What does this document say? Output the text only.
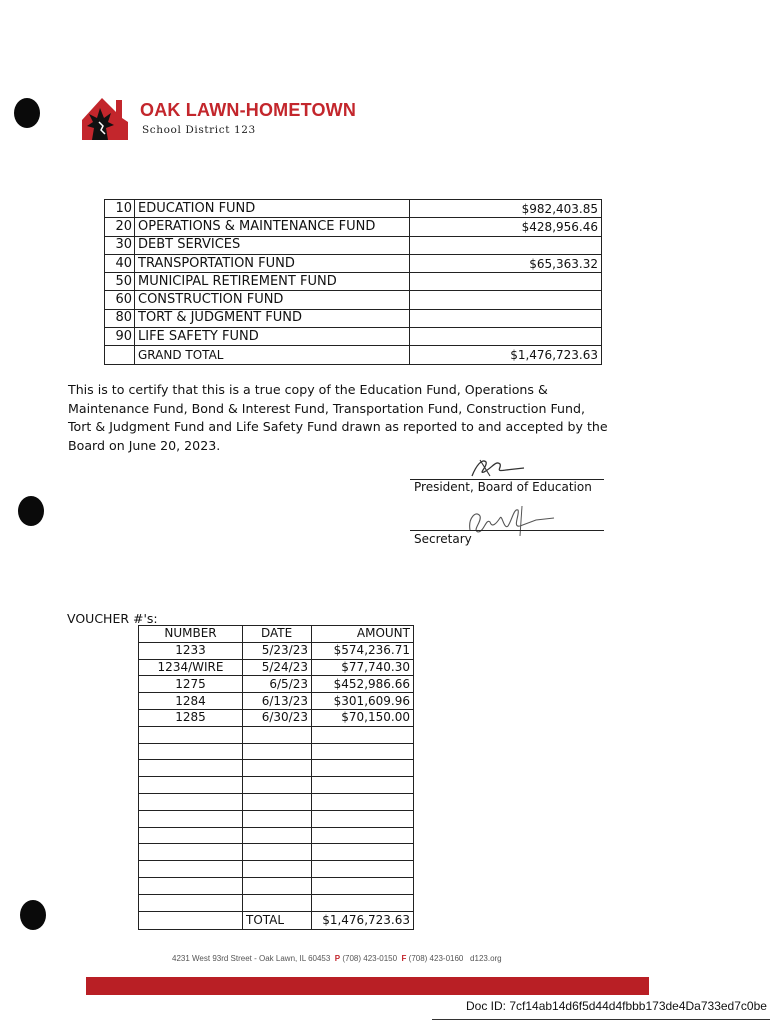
OAK LAWN-HOMETOWN
School District 123
10	EDUCATION FUND	$982,403.85
20	OPERATIONS & MAINTENANCE FUND	$428,956.46
30	DEBT SERVICES	
40	TRANSPORTATION FUND	$65,363.32
50	MUNICIPAL RETIREMENT FUND	
60	CONSTRUCTION FUND	
80	TORT & JUDGMENT FUND	
90	LIFE SAFETY FUND	
	GRAND TOTAL	$1,476,723.63
This is to certify that this is a true copy of the Education Fund, Operations & Maintenance Fund, Bond & Interest Fund, Transportation Fund, Construction Fund, Tort & Judgment Fund and Life Safety Fund drawn as reported to and accepted by the Board on June 20, 2023.
President, Board of Education
Secretary
VOUCHER #'s:
NUMBER	DATE	AMOUNT
1233	5/23/23	$574,236.71
1234/WIRE	5/24/23	$77,740.30
1275	6/5/23	$452,986.66
1284	6/13/23	$301,609.96
1285	6/30/23	$70,150.00

	TOTAL	$1,476,723.63
4231 West 93rd Street - Oak Lawn, IL 60453 P (708) 423-0150 F (708) 423-0160 d123.org
Doc ID: 7cf14ab14d6f5d44d4fbbb173de4Da733ed7c0be
